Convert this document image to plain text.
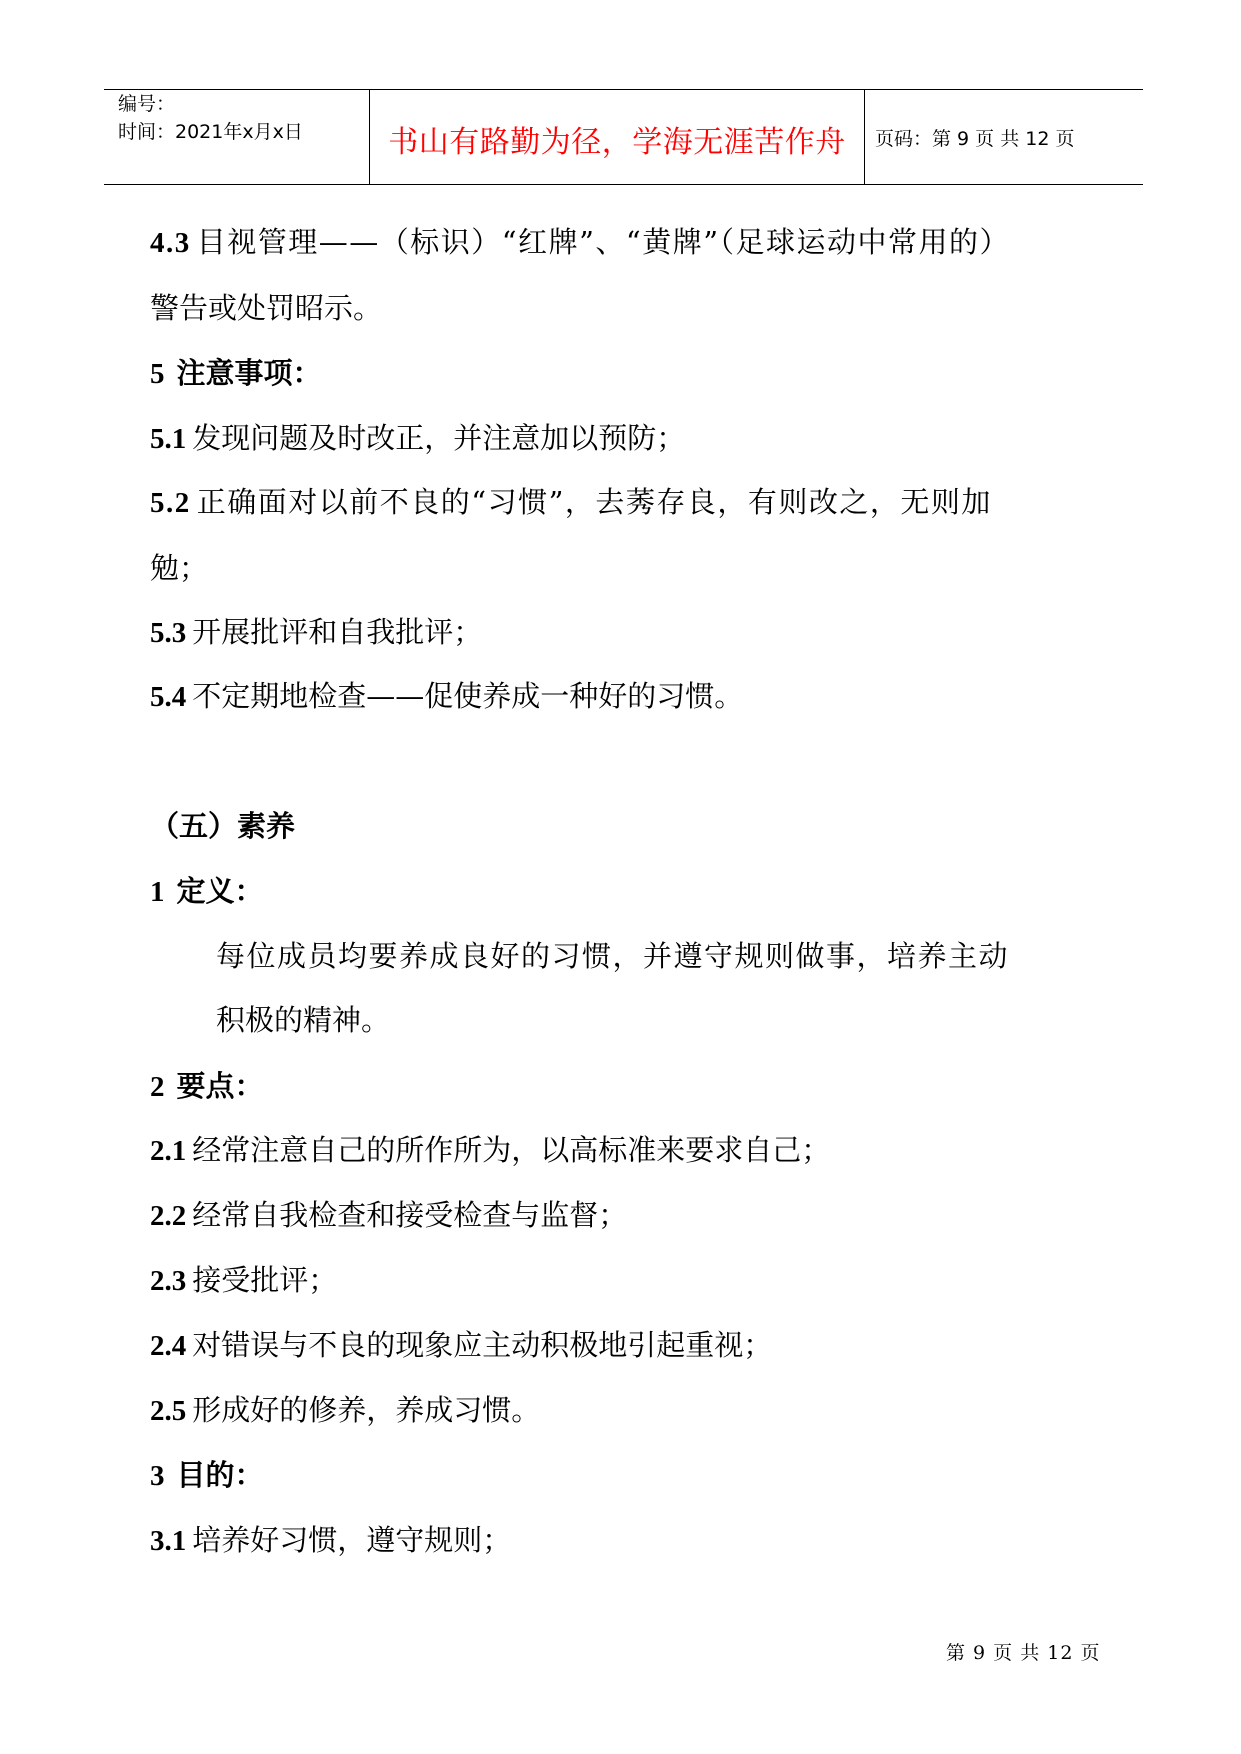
编号：
时间：2021年x月x日	书山有路勤为径，学海无涯苦作舟	页码：第 9 页 共 12 页
4.3 目视管理——（标识）“红牌”、“黄牌”（足球运动中常用的）
警告或处罚昭示。
5 注意事项：
5.1 发现问题及时改正，并注意加以预防；
5.2 正确面对以前不良的“习惯”，去莠存良，有则改之，无则加
勉；
5.3 开展批评和自我批评；
5.4 不定期地检查——促使养成一种好的习惯。
（五）素养
1 定义：
每位成员均要养成良好的习惯，并遵守规则做事，培养主动
积极的精神。
2 要点：
2.1 经常注意自己的所作所为，以高标准来要求自己；
2.2 经常自我检查和接受检查与监督；
2.3 接受批评；
2.4 对错误与不良的现象应主动积极地引起重视；
2.5 形成好的修养，养成习惯。
3 目的：
3.1 培养好习惯，遵守规则；
第 9 页 共 12 页
